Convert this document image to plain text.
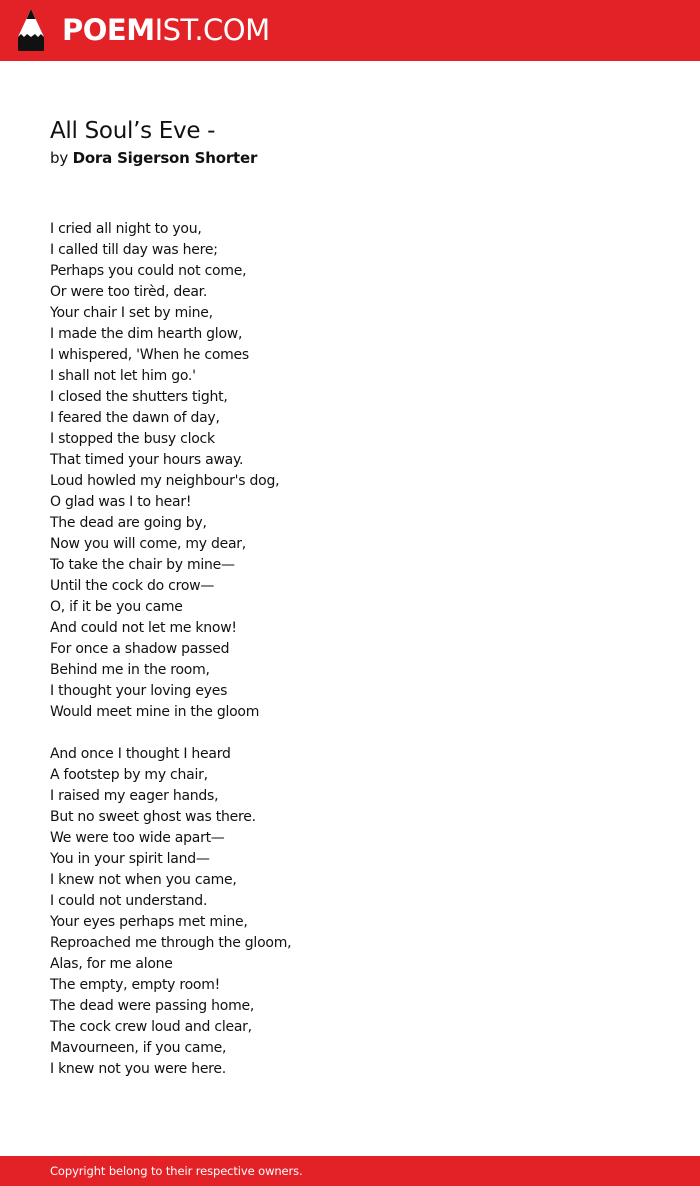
POEMIST.COM
All Soul’s Eve -
by Dora Sigerson Shorter
I cried all night to you,
I called till day was here;
Perhaps you could not come,
Or were too tirèd, dear.
Your chair I set by mine,
I made the dim hearth glow,
I whispered, 'When he comes
I shall not let him go.'
I closed the shutters tight,
I feared the dawn of day,
I stopped the busy clock
That timed your hours away.
Loud howled my neighbour's dog,
O glad was I to hear!
The dead are going by,
Now you will come, my dear,
To take the chair by mine—
Until the cock do crow—
O, if it be you came
And could not let me know!
For once a shadow passed
Behind me in the room,
I thought your loving eyes
Would meet mine in the gloom
And once I thought I heard
A footstep by my chair,
I raised my eager hands,
But no sweet ghost was there.
We were too wide apart—
You in your spirit land—
I knew not when you came,
I could not understand.
Your eyes perhaps met mine,
Reproached me through the gloom,
Alas, for me alone
The empty, empty room!
The dead were passing home,
The cock crew loud and clear,
Mavourneen, if you came,
I knew not you were here.
Copyright belong to their respective owners.
